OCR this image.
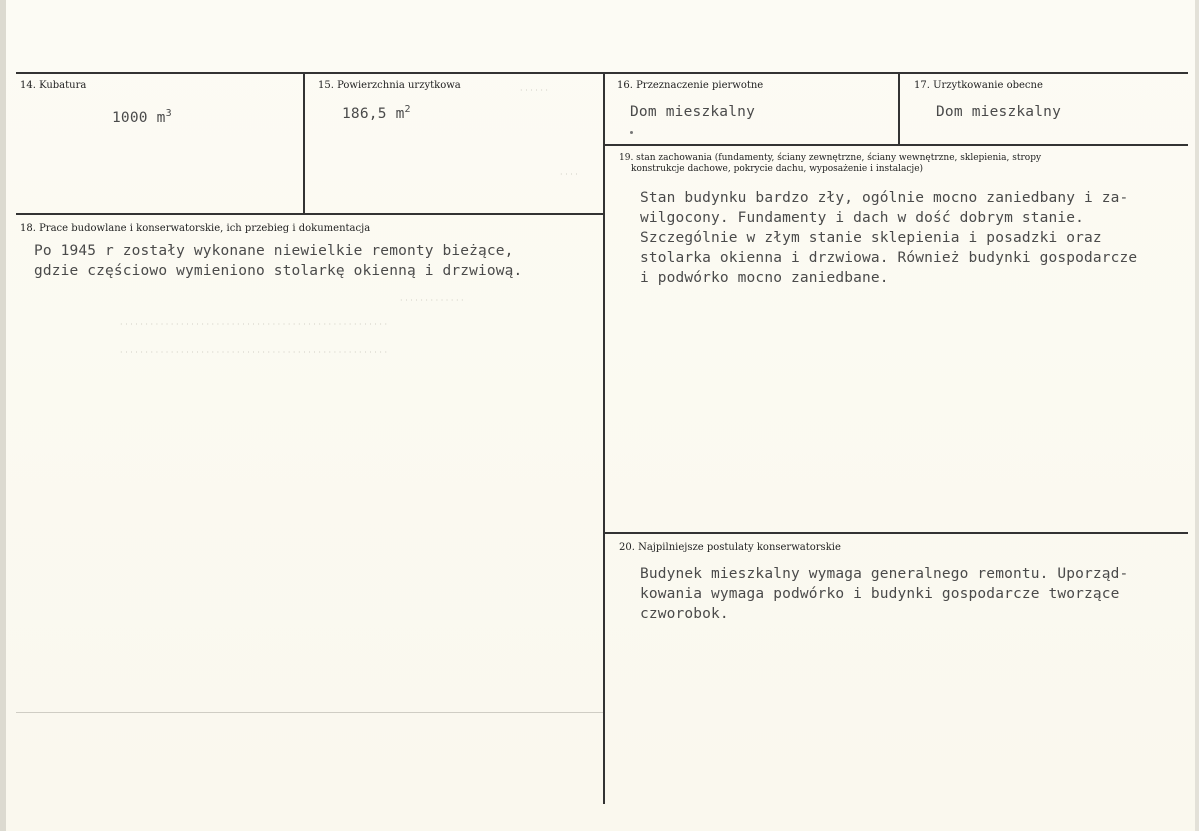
· · · · · ·
· · · ·
· · · · · · · · · · · · ·
· · · · · · · · · · · · · · · · · · · · · · · · · · · · · · · · · · · · · · · · · · · · · · · · · · · · ·
· · · · · · · · · · · · · · · · · · · · · · · · · · · · · · · · · · · · · · · · · · · · · · · · · · · · ·
14. Kubatura
1000 $m^3$
15. Powierzchnia urzytkowa
186,5 $m^2$
16. Przeznaczenie pierwotne
Dom mieszkalny
17. Urzytkowanie obecne
Dom mieszkalny
18. Prace budowlane i konserwatorskie, ich przebieg i dokumentacja
Po 1945 r zostały wykonane niewielkie remonty bieżące,
gdzie częściowo wymieniono stolarkę okienną i drzwiową.
19. stan zachowania (fundamenty, ściany zewnętrzne, ściany wewnętrzne, sklepienia, stropy
konstrukcje dachowe, pokrycie dachu, wyposażenie i instalacje)
Stan budynku bardzo zły, ogólnie mocno zaniedbany i za-
wilgocony. Fundamenty i dach w dość dobrym stanie.
Szczególnie w złym stanie sklepienia i posadzki oraz
stolarka okienna i drzwiowa. Również budynki gospodarcze
i podwórko mocno zaniedbane.
20. Najpilniejsze postulaty konserwatorskie
Budynek mieszkalny wymaga generalnego remontu. Uporząd-
kowania wymaga podwórko i budynki gospodarcze tworzące
czworobok.
